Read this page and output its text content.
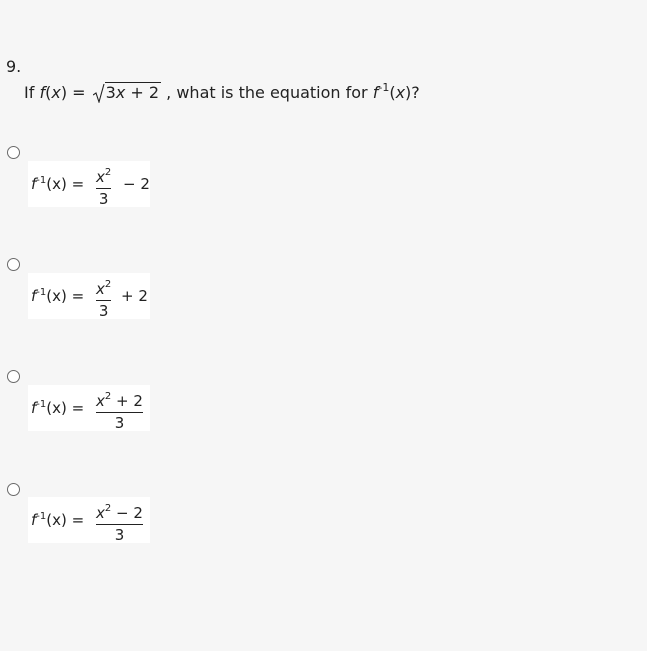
9.
If f(x) = 3x + 2 , what is the equation for $f^{-1}(x)$?
$f^{-1}(x) = x^2$
3
− 2
$f^{-1}(x) = x^2$
3
+ 2
$f^{-1}(x) = x^2 + 2$
3
$f^{-1}(x) = x^2 - 2$
3
